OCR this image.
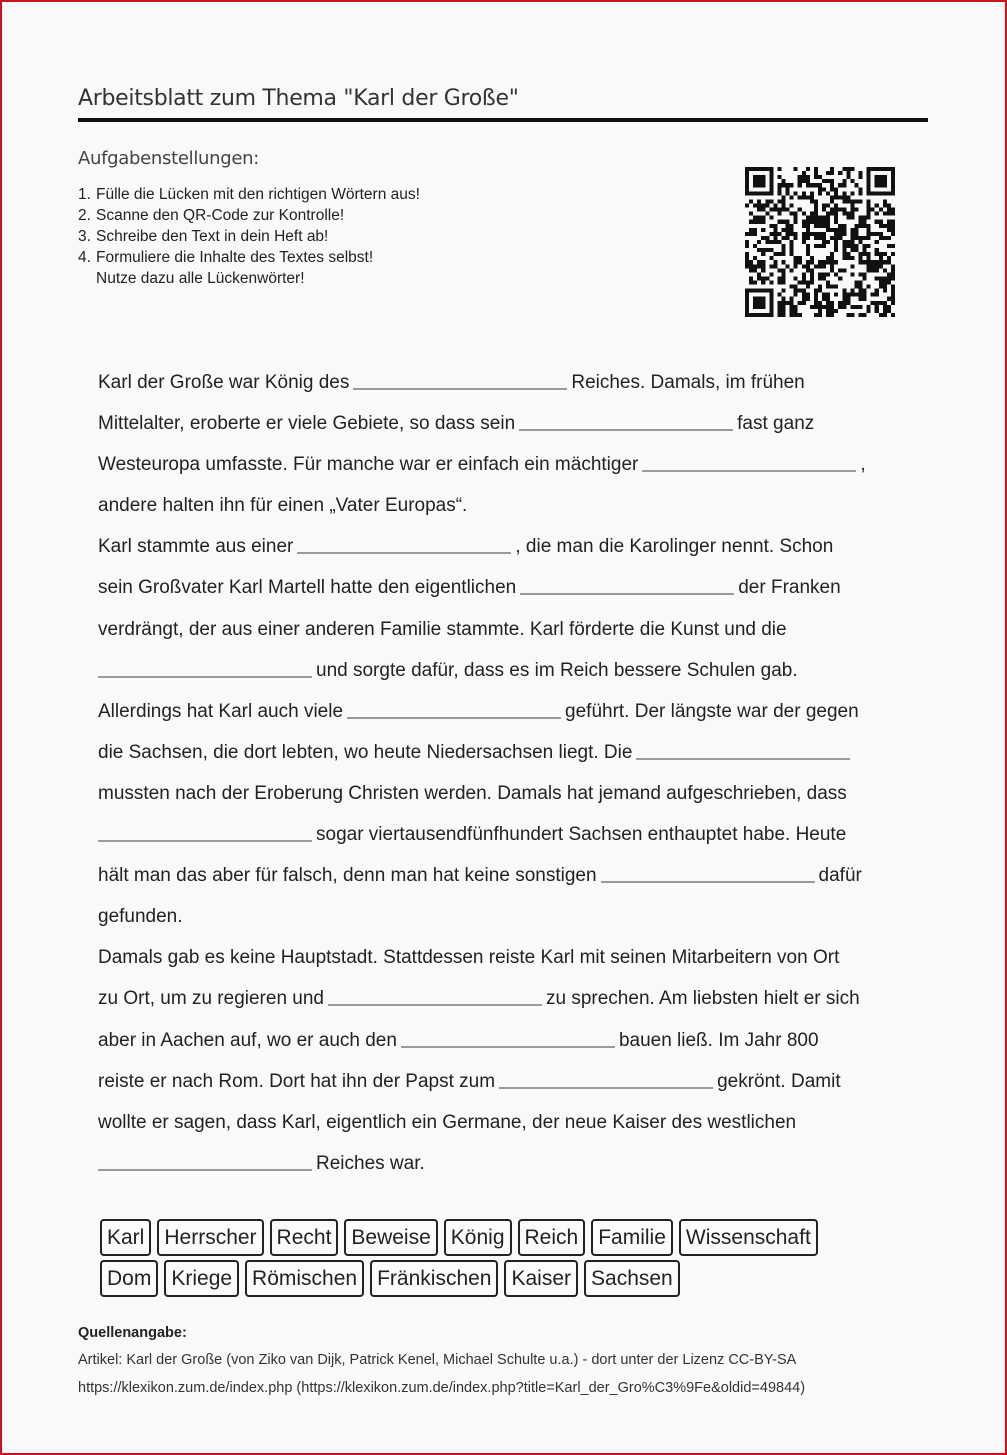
Arbeitsblatt zum Thema "Karl der Große"
Aufgabenstellungen:
1. Fülle die Lücken mit den richtigen Wörtern aus!
2. Scanne den QR-Code zur Kontrolle!
3. Schreibe den Text in dein Heft ab!
4. Formuliere die Inhalte des Textes selbst!
Nutze dazu alle Lückenwörter!
Karl der Große war König des	Reiches. Damals, im frühen
Mittelalter, eroberte er viele Gebiete, so dass sein	fast ganz
Westeuropa umfasste. Für manche war er einfach ein mächtiger	,
andere halten ihn für einen „Vater Europas“.
Karl stammte aus einer	, die man die Karolinger nennt. Schon
sein Großvater Karl Martell hatte den eigentlichen	der Franken
verdrängt, der aus einer anderen Familie stammte. Karl förderte die Kunst und die
und sorgte dafür, dass es im Reich bessere Schulen gab.
Allerdings hat Karl auch viele	geführt. Der längste war der gegen
die Sachsen, die dort lebten, wo heute Niedersachsen liegt. Die
mussten nach der Eroberung Christen werden. Damals hat jemand aufgeschrieben, dass
sogar viertausendfünfhundert Sachsen enthauptet habe. Heute
hält man das aber für falsch, denn man hat keine sonstigen	dafür
gefunden.
Damals gab es keine Hauptstadt. Stattdessen reiste Karl mit seinen Mitarbeitern von Ort
zu Ort, um zu regieren und	zu sprechen. Am liebsten hielt er sich
aber in Aachen auf, wo er auch den	bauen ließ. Im Jahr 800
reiste er nach Rom. Dort hat ihn der Papst zum	gekrönt. Damit
wollte er sagen, dass Karl, eigentlich ein Germane, der neue Kaiser des westlichen
Reiches war.
Karl Herrscher Recht Beweise König Reich Familie Wissenschaft
Dom Kriege Römischen Fränkischen Kaiser Sachsen
Quellenangabe:
Artikel: Karl der Große (von Ziko van Dijk, Patrick Kenel, Michael Schulte u.a.) - dort unter der Lizenz CC-BY-SA
https://klexikon.zum.de/index.php (https://klexikon.zum.de/index.php?title=Karl_der_Gro%C3%9Fe&oldid=49844)
